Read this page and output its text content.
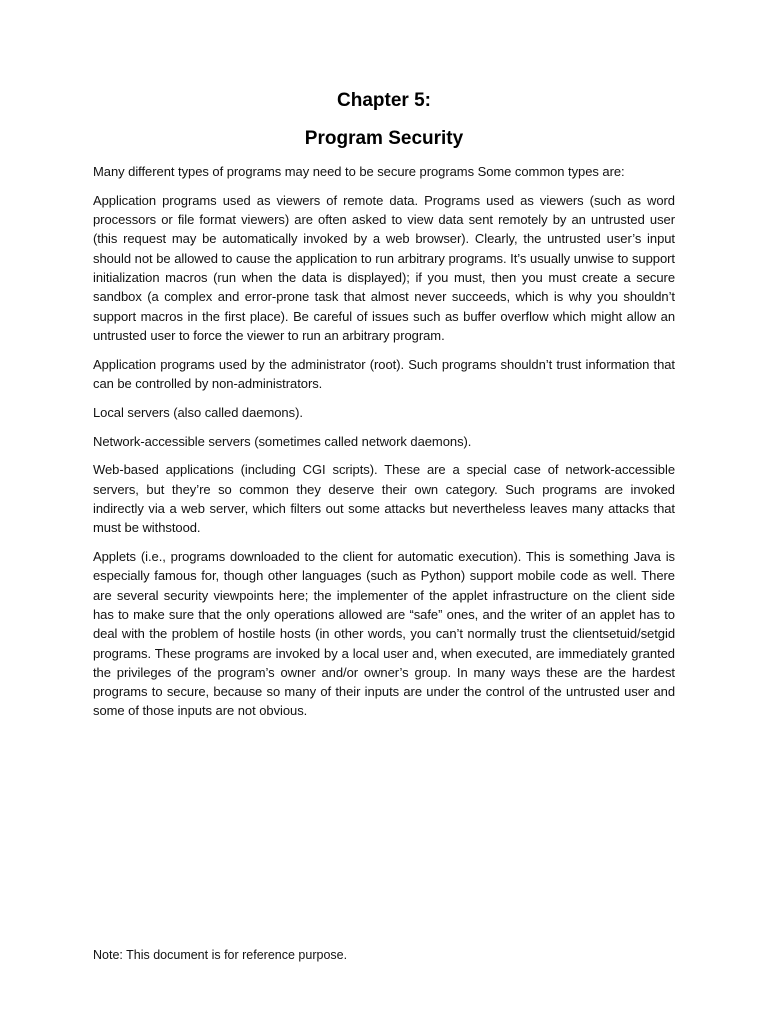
Chapter 5:
Program Security

Many different types of programs may need to be secure programs Some common types are:

Application programs used as viewers of remote data. Programs used as viewers (such as word processors or file format viewers) are often asked to view data sent remotely by an untrusted user (this request may be automatically invoked by a web browser). Clearly, the untrusted user’s input should not be allowed to cause the application to run arbitrary programs. It’s usually unwise to support initialization macros (run when the data is displayed); if you must, then you must create a secure sandbox (a complex and error-prone task that almost never succeeds, which is why you shouldn’t support macros in the first place). Be careful of issues such as buffer overflow which might allow an untrusted user to force the viewer to run an arbitrary program.

Application programs used by the administrator (root). Such programs shouldn’t trust information that can be controlled by non-administrators.

Local servers (also called daemons).

Network-accessible servers (sometimes called network daemons).

Web-based applications (including CGI scripts). These are a special case of network-accessible servers, but they’re so common they deserve their own category. Such programs are invoked indirectly via a web server, which filters out some attacks but nevertheless leaves many attacks that must be withstood.

Applets (i.e., programs downloaded to the client for automatic execution). This is something Java is especially famous for, though other languages (such as Python) support mobile code as well. There are several security viewpoints here; the implementer of the applet infrastructure on the client side has to make sure that the only operations allowed are “safe” ones, and the writer of an applet has to deal with the problem of hostile hosts (in other words, you can’t normally trust the clientsetuid/setgid programs. These programs are invoked by a local user and, when executed, are immediately granted the privileges of the program’s owner and/or owner’s group. In many ways these are the hardest programs to secure, because so many of their inputs are under the control of the untrusted user and some of those inputs are not obvious.

Note: This document is for reference purpose.
